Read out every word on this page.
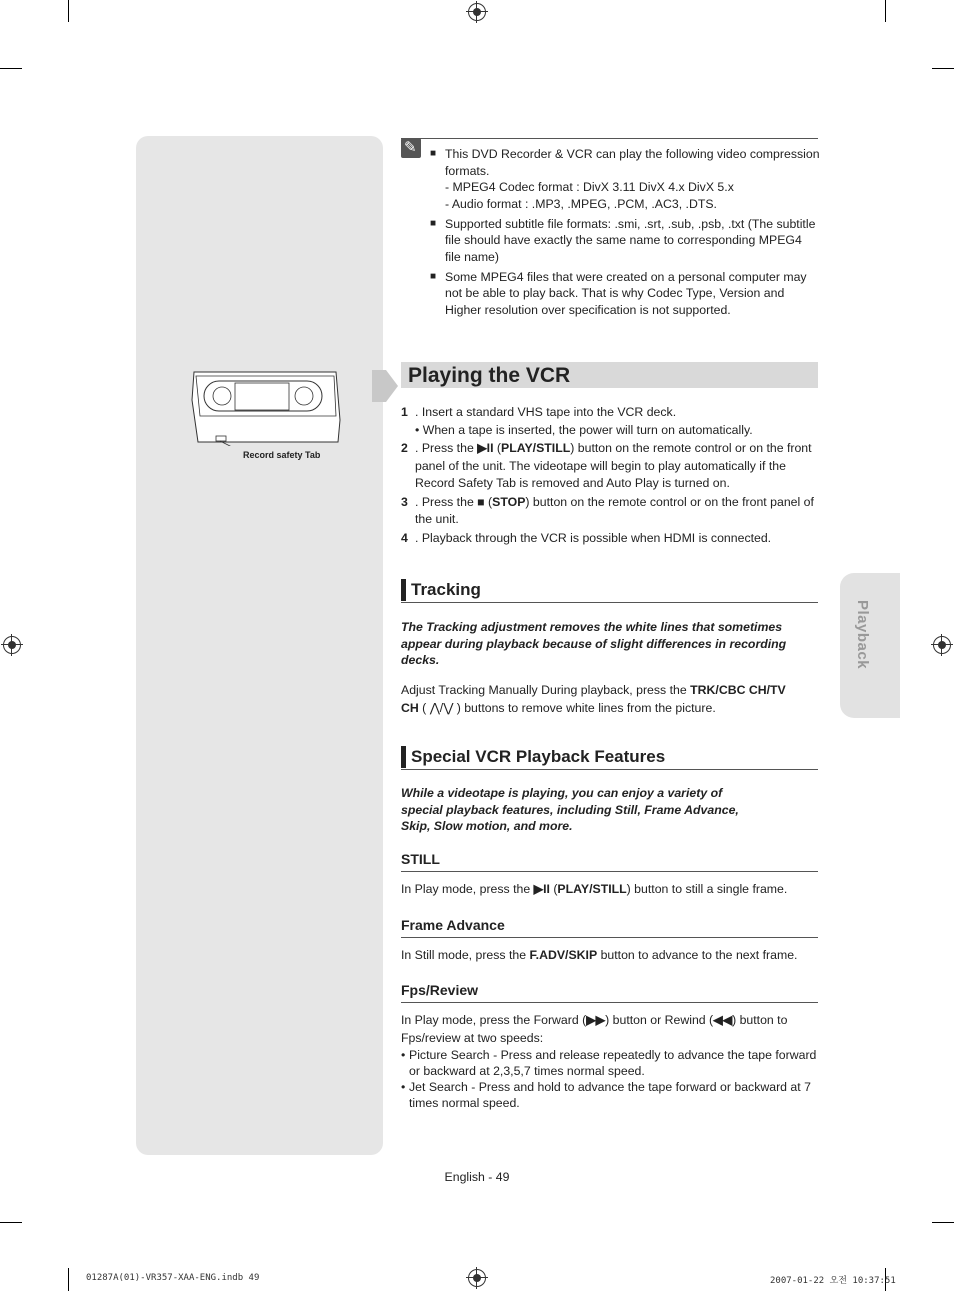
Playback
✎
■ This DVD Recorder & VCR can play the following video compression formats.
- MPEG4 Codec format : DivX 3.11 DivX 4.x DivX 5.x
- Audio format : .MP3, .MPEG, .PCM, .AC3, .DTS.
■ Supported subtitle file formats: .smi, .srt, .sub, .psb, .txt (The subtitle file should have exactly the same name to corresponding MPEG4 file name)
■ Some MPEG4 files that were created on a personal computer may not be able to play back. That is why Codec Type, Version and Higher resolution over specification is not supported.
Playing the VCR
Record safety Tab
1 . Insert a standard VHS tape into the VCR deck.
• When a tape is inserted, the power will turn on automatically.
2 . Press the ▶II (PLAY/STILL) button on the remote control or on the front panel of the unit. The videotape will begin to play automatically if the Record Safety Tab is removed and Auto Play is turned on.
3 . Press the ■ (STOP) button on the remote control or on the front panel of the unit.
4 . Playback through the VCR is possible when HDMI is connected.
Tracking
The Tracking adjustment removes the white lines that sometimes appear during playback because of slight differences in recording decks.
Adjust Tracking Manually During playback, press the TRK/CBC CH/TV
CH ( ⋀/⋁ ) buttons to remove white lines from the picture.
Special VCR Playback Features
While a videotape is playing, you can enjoy a variety of
special playback features, including Still, Frame Advance,
Skip, Slow motion, and more.
STILL
In Play mode, press the ▶II (PLAY/STILL) button to still a single frame.
Frame Advance
In Still mode, press the F.ADV/SKIP button to advance to the next frame.
Fps/Review
In Play mode, press the Forward (▶▶) button or Rewind (◀◀) button to Fps/review at two speeds:
• Picture Search - Press and release repeatedly to advance the tape forward or backward at 2,3,5,7 times normal speed.
• Jet Search - Press and hold to advance the tape forward or backward at 7 times normal speed.
English - 49
01287A(01)-VR357-XAA-ENG.indb 49	2007-01-22 오전 10:37:51
